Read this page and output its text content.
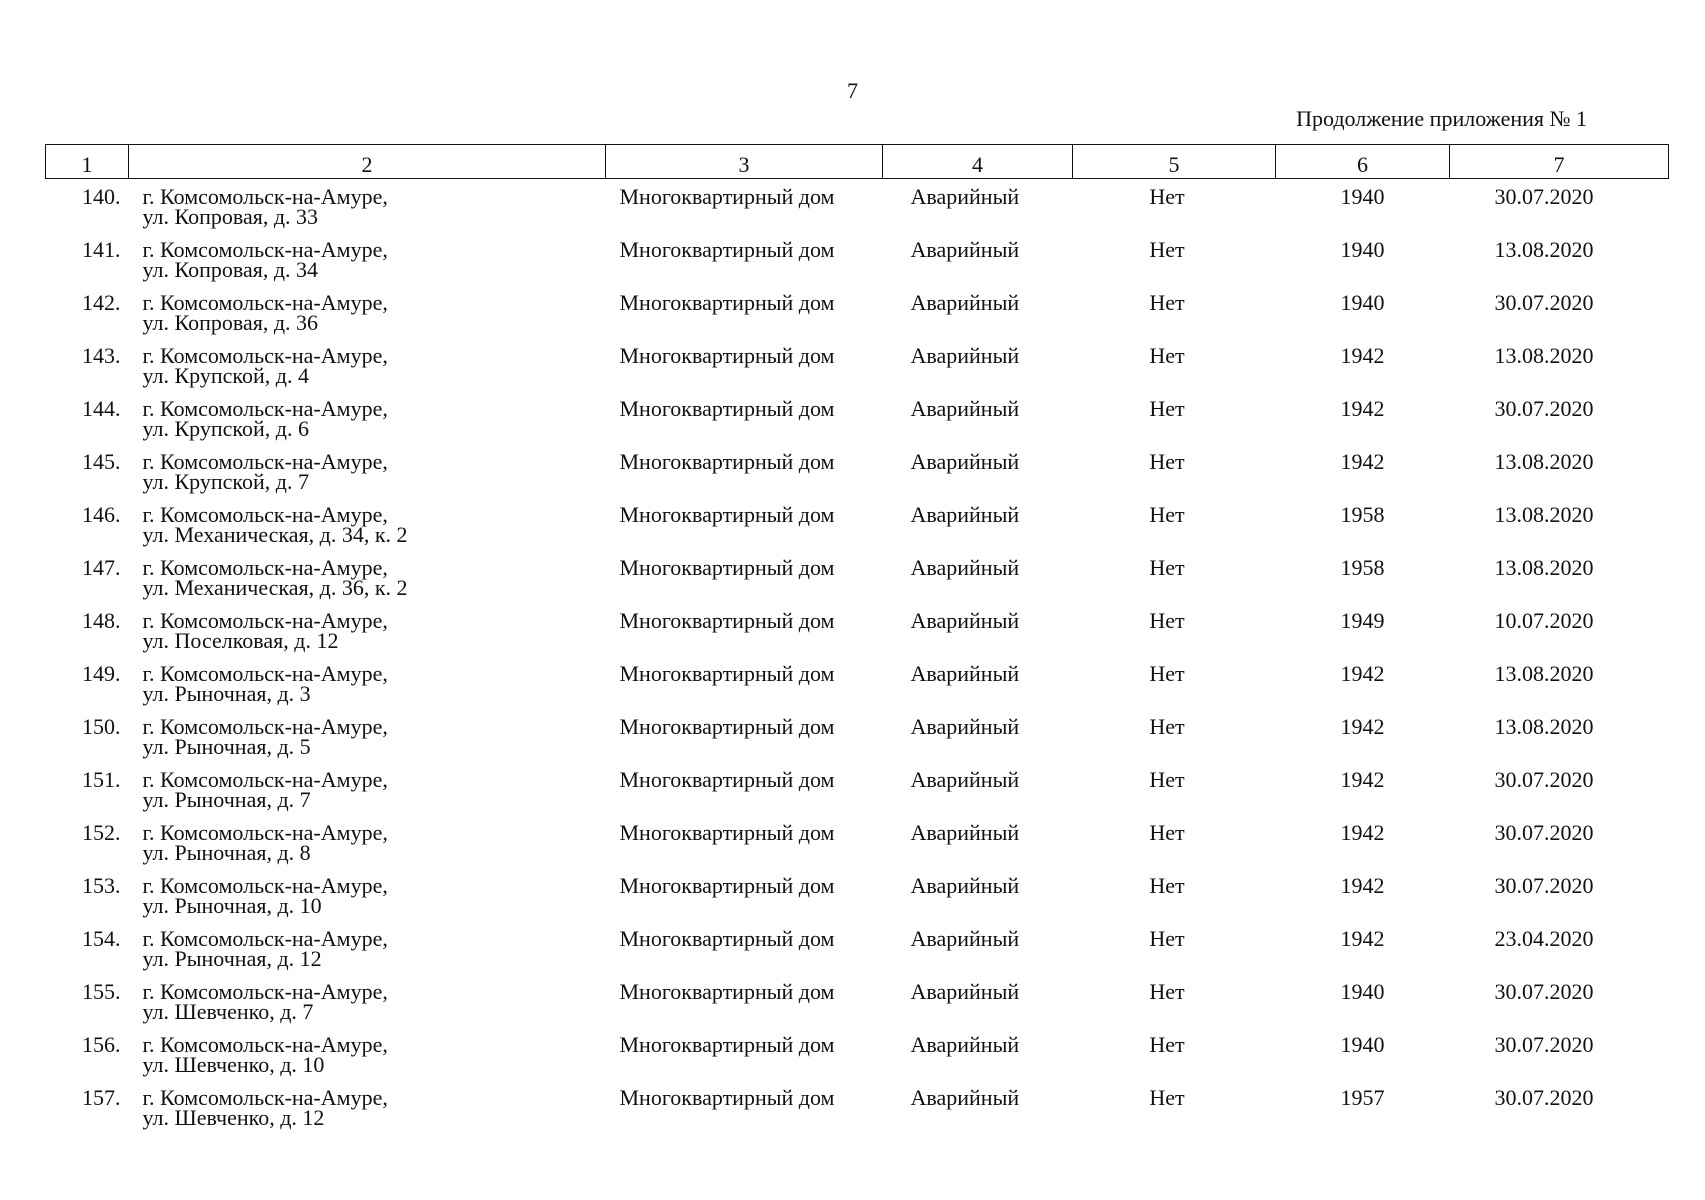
7
Продолжение приложения № 1
1	2	3	4	5	6	7

140.	г. Комсомольск-на-Амуре,
ул. Копровая, д. 33	Многоквартирный дом	Аварийный	Нет	1940	30.07.2020

141.	г. Комсомольск-на-Амуре,
ул. Копровая, д. 34	Многоквартирный дом	Аварийный	Нет	1940	13.08.2020

142.	г. Комсомольск-на-Амуре,
ул. Копровая, д. 36	Многоквартирный дом	Аварийный	Нет	1940	30.07.2020

143.	г. Комсомольск-на-Амуре,
ул. Крупской, д. 4	Многоквартирный дом	Аварийный	Нет	1942	13.08.2020

144.	г. Комсомольск-на-Амуре,
ул. Крупской, д. 6	Многоквартирный дом	Аварийный	Нет	1942	30.07.2020

145.	г. Комсомольск-на-Амуре,
ул. Крупской, д. 7	Многоквартирный дом	Аварийный	Нет	1942	13.08.2020

146.	г. Комсомольск-на-Амуре,
ул. Механическая, д. 34, к. 2	Многоквартирный дом	Аварийный	Нет	1958	13.08.2020

147.	г. Комсомольск-на-Амуре,
ул. Механическая, д. 36, к. 2	Многоквартирный дом	Аварийный	Нет	1958	13.08.2020

148.	г. Комсомольск-на-Амуре,
ул. Поселковая, д. 12	Многоквартирный дом	Аварийный	Нет	1949	10.07.2020

149.	г. Комсомольск-на-Амуре,
ул. Рыночная, д. 3	Многоквартирный дом	Аварийный	Нет	1942	13.08.2020

150.	г. Комсомольск-на-Амуре,
ул. Рыночная, д. 5	Многоквартирный дом	Аварийный	Нет	1942	13.08.2020

151.	г. Комсомольск-на-Амуре,
ул. Рыночная, д. 7	Многоквартирный дом	Аварийный	Нет	1942	30.07.2020

152.	г. Комсомольск-на-Амуре,
ул. Рыночная, д. 8	Многоквартирный дом	Аварийный	Нет	1942	30.07.2020

153.	г. Комсомольск-на-Амуре,
ул. Рыночная, д. 10	Многоквартирный дом	Аварийный	Нет	1942	30.07.2020

154.	г. Комсомольск-на-Амуре,
ул. Рыночная, д. 12	Многоквартирный дом	Аварийный	Нет	1942	23.04.2020

155.	г. Комсомольск-на-Амуре,
ул. Шевченко, д. 7	Многоквартирный дом	Аварийный	Нет	1940	30.07.2020

156.	г. Комсомольск-на-Амуре,
ул. Шевченко, д. 10	Многоквартирный дом	Аварийный	Нет	1940	30.07.2020

157.	г. Комсомольск-на-Амуре,
ул. Шевченко, д. 12	Многоквартирный дом	Аварийный	Нет	1957	30.07.2020
